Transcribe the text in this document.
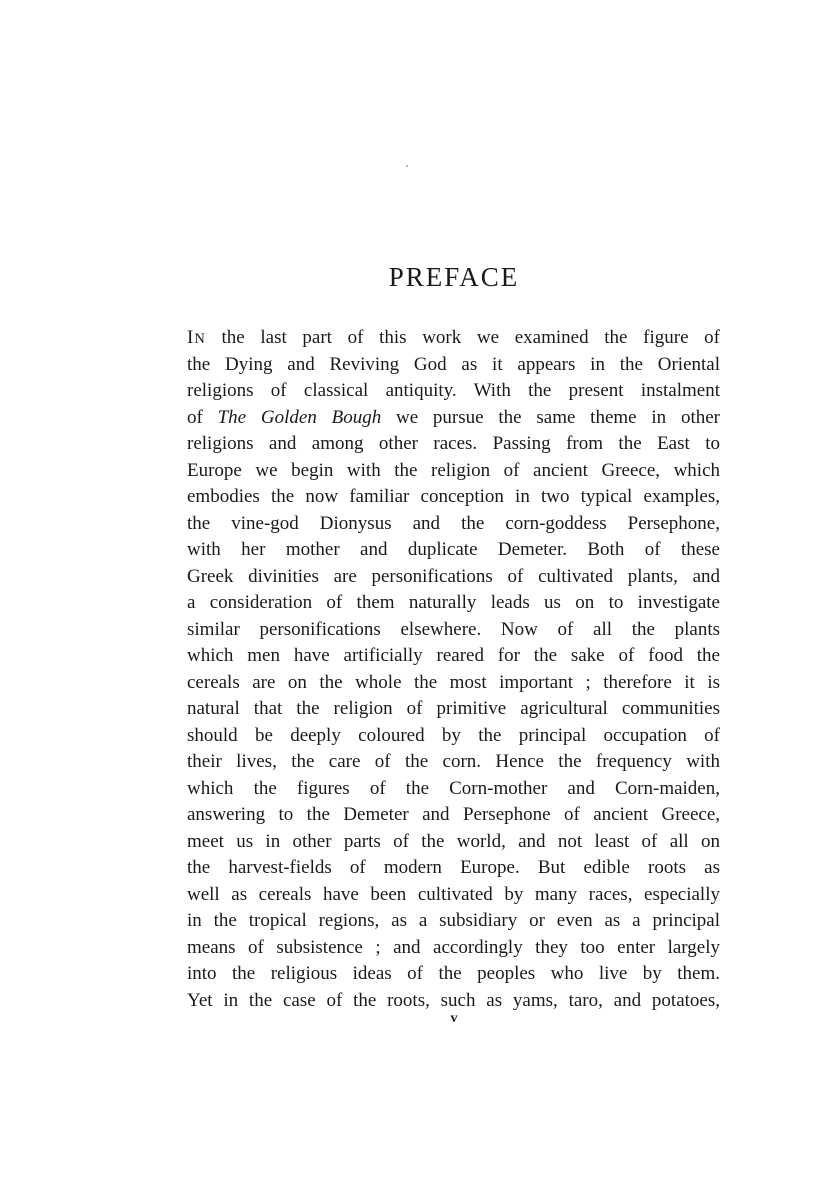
PREFACE
IN the last part of this work we examined the figure of
the Dying and Reviving God as it appears in the Oriental
religions of classical antiquity. With the present instalment
of The Golden Bough we pursue the same theme in other
religions and among other races. Passing from the East to
Europe we begin with the religion of ancient Greece, which
embodies the now familiar conception in two typical examples,
the vine-god Dionysus and the corn-goddess Persephone,
with her mother and duplicate Demeter. Both of these
Greek divinities are personifications of cultivated plants, and
a consideration of them naturally leads us on to investigate
similar personifications elsewhere. Now of all the plants
which men have artificially reared for the sake of food the
cereals are on the whole the most important ; therefore it is
natural that the religion of primitive agricultural communities
should be deeply coloured by the principal occupation of
their lives, the care of the corn. Hence the frequency with
which the figures of the Corn-mother and Corn-maiden,
answering to the Demeter and Persephone of ancient Greece,
meet us in other parts of the world, and not least of all on
the harvest-fields of modern Europe. But edible roots as
well as cereals have been cultivated by many races, especially
in the tropical regions, as a subsidiary or even as a principal
means of subsistence ; and accordingly they too enter largely
into the religious ideas of the peoples who live by them.
Yet in the case of the roots, such as yams, taro, and potatoes,
v
